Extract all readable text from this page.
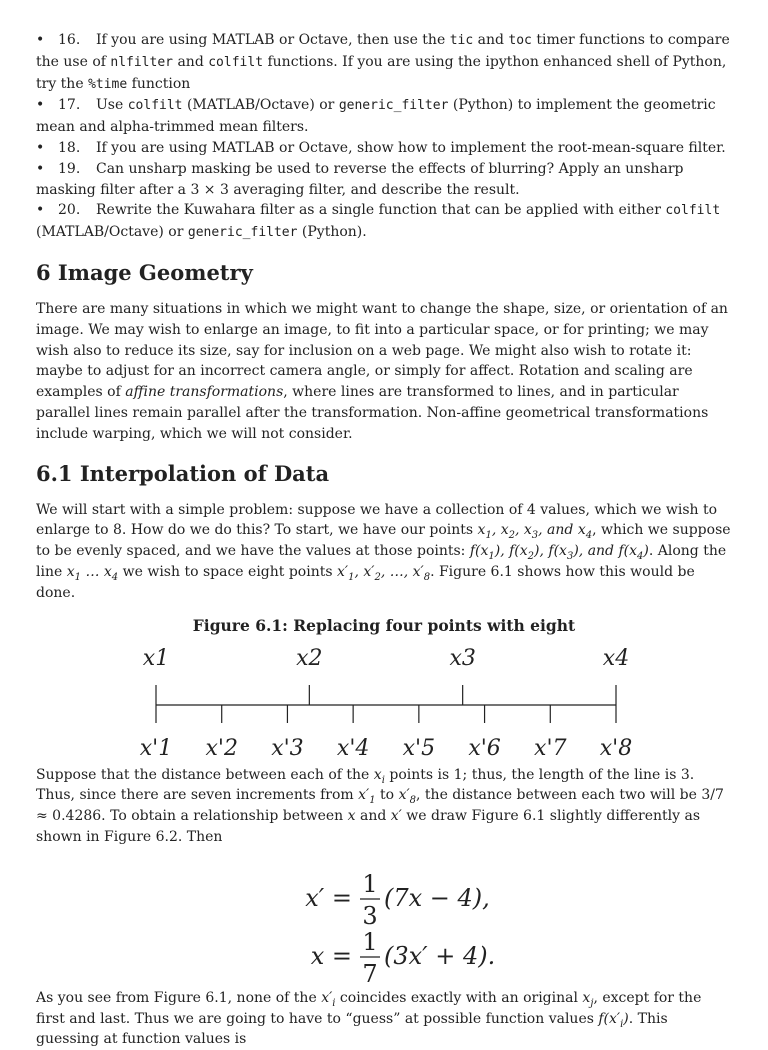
• 16. If you are using MATLAB or Octave, then use the tic and toc timer functions to compare the use of nlfilter and colfilt functions. If you are using the ipython enhanced shell of Python, try the %time function
• 17. Use colfilt (MATLAB/Octave) or generic_filter (Python) to implement the geometric mean and alpha-trimmed mean filters.
• 18. If you are using MATLAB or Octave, show how to implement the root-mean-square filter.
• 19. Can unsharp masking be used to reverse the effects of blurring? Apply an unsharp masking filter after a 3 × 3 averaging filter, and describe the result.
• 20. Rewrite the Kuwahara filter as a single function that can be applied with either colfilt (MATLAB/Octave) or generic_filter (Python).
6 Image Geometry

There are many situations in which we might want to change the shape, size, or orientation of an image. We may wish to enlarge an image, to fit into a particular space, or for printing; we may wish also to reduce its size, say for inclusion on a web page. We might also wish to rotate it: maybe to adjust for an incorrect camera angle, or simply for affect. Rotation and scaling are examples of affine transformations, where lines are transformed to lines, and in particular parallel lines remain parallel after the transformation. Non-affine geometrical transformations include warping, which we will not consider.

6.1 Interpolation of Data

We will start with a simple problem: suppose we have a collection of 4 values, which we wish to enlarge to 8. How do we do this? To start, we have our points $x_1$, $x_2$, $x_3$, and $x_4$, which we suppose to be evenly spaced, and we have the values at those points: $f(x_1)$, $f(x_2)$, $f(x_3)$, and $f(x_4)$. Along the line $x_1$ … $x_4$ we wish to space eight points $x'_1$, $x'_2$, …, $x'_8$. Figure 6.1 shows how this would be done.

Figure 6.1: Replacing four points with eight
x1	x2	x3	x4
x'1 x'2 x'3 x'4 x'5 x'6 x'7 x'8

Suppose that the distance between each of the $x_i$ points is 1; thus, the length of the line is 3. Thus, since there are seven increments from $x'_1$ to $x'_8$, the distance between each two will be 3/7 ≈ 0.4286. To obtain a relationship between x and x′ we draw Figure 6.1 slightly differently as shown in Figure 6.2. Then

x′ = 1
3
(7x − 4),
x = 1
7
(3x′ + 4).

As you see from Figure 6.1, none of the $x'_i$ coincides exactly with an original $x_j$, except for the first and last. Thus we are going to have to “guess” at possible function values $f(x'_i)$. This guessing at function values is
